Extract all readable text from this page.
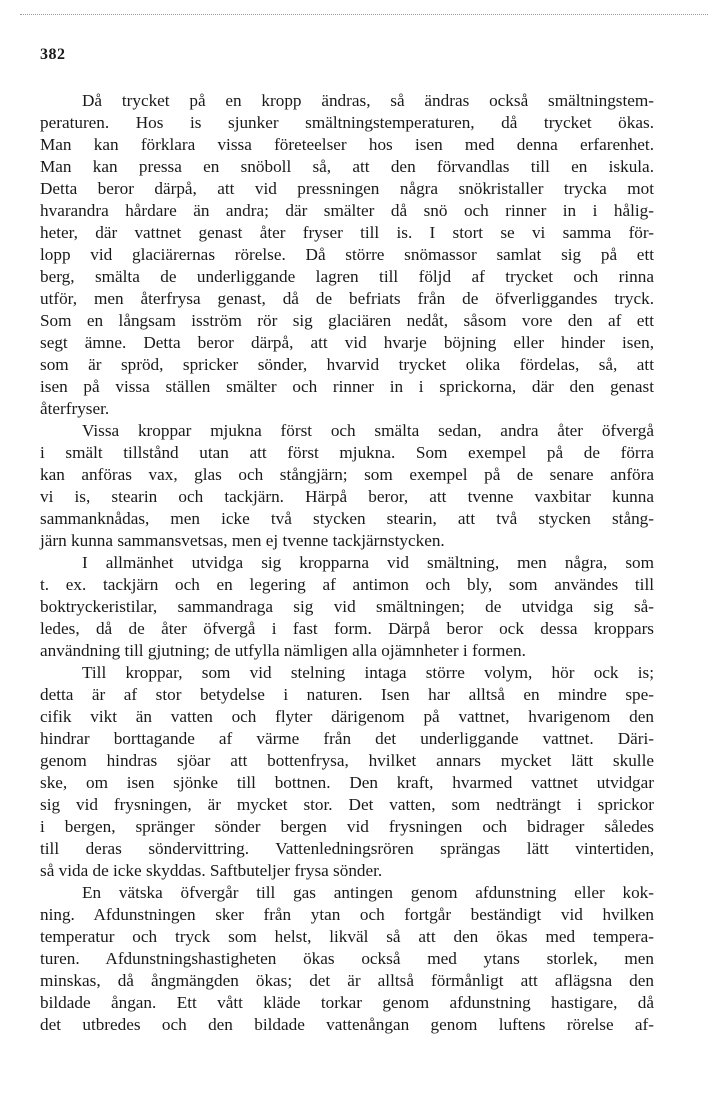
382
Då trycket på en kropp ändras, så ändras också smältningstem-
peraturen. Hos is sjunker smältningstemperaturen, då trycket ökas.
Man kan förklara vissa företeelser hos isen med denna erfarenhet.
Man kan pressa en snöboll så, att den förvandlas till en iskula.
Detta beror därpå, att vid pressningen några snökristaller trycka mot
hvarandra hårdare än andra; där smälter då snö och rinner in i hålig-
heter, där vattnet genast åter fryser till is. I stort se vi samma för-
lopp vid glaciärernas rörelse. Då större snömassor samlat sig på ett
berg, smälta de underliggande lagren till följd af trycket och rinna
utför, men återfrysa genast, då de befriats från de öfverliggandes tryck.
Som en långsam isström rör sig glaciären nedåt, såsom vore den af ett
segt ämne. Detta beror därpå, att vid hvarje böjning eller hinder isen,
som är spröd, spricker sönder, hvarvid trycket olika fördelas, så, att
isen på vissa ställen smälter och rinner in i sprickorna, där den genast
återfryser.
Vissa kroppar mjukna först och smälta sedan, andra åter öfvergå
i smält tillstånd utan att först mjukna. Som exempel på de förra
kan anföras vax, glas och stångjärn; som exempel på de senare anföra
vi is, stearin och tackjärn. Härpå beror, att tvenne vaxbitar kunna
sammanknådas, men icke två stycken stearin, att två stycken stång-
järn kunna sammansvetsas, men ej tvenne tackjärnstycken.
I allmänhet utvidga sig kropparna vid smältning, men några, som
t. ex. tackjärn och en legering af antimon och bly, som användes till
boktryckeristilar, sammandraga sig vid smältningen; de utvidga sig så-
ledes, då de åter öfvergå i fast form. Därpå beror ock dessa kroppars
användning till gjutning; de utfylla nämligen alla ojämnheter i formen.
Till kroppar, som vid stelning intaga större volym, hör ock is;
detta är af stor betydelse i naturen. Isen har alltså en mindre spe-
cifik vikt än vatten och flyter därigenom på vattnet, hvarigenom den
hindrar borttagande af värme från det underliggande vattnet. Däri-
genom hindras sjöar att bottenfrysa, hvilket annars mycket lätt skulle
ske, om isen sjönke till bottnen. Den kraft, hvarmed vattnet utvidgar
sig vid frysningen, är mycket stor. Det vatten, som nedträngt i sprickor
i bergen, spränger sönder bergen vid frysningen och bidrager således
till deras söndervittring. Vattenledningsrören sprängas lätt vintertiden,
så vida de icke skyddas. Saftbuteljer frysa sönder.
En vätska öfvergår till gas antingen genom afdunstning eller kok-
ning. Afdunstningen sker från ytan och fortgår beständigt vid hvilken
temperatur och tryck som helst, likväl så att den ökas med tempera-
turen. Afdunstningshastigheten ökas också med ytans storlek, men
minskas, då ångmängden ökas; det är alltså förmånligt att aflägsna den
bildade ångan. Ett vått kläde torkar genom afdunstning hastigare, då
det utbredes och den bildade vattenångan genom luftens rörelse af-
